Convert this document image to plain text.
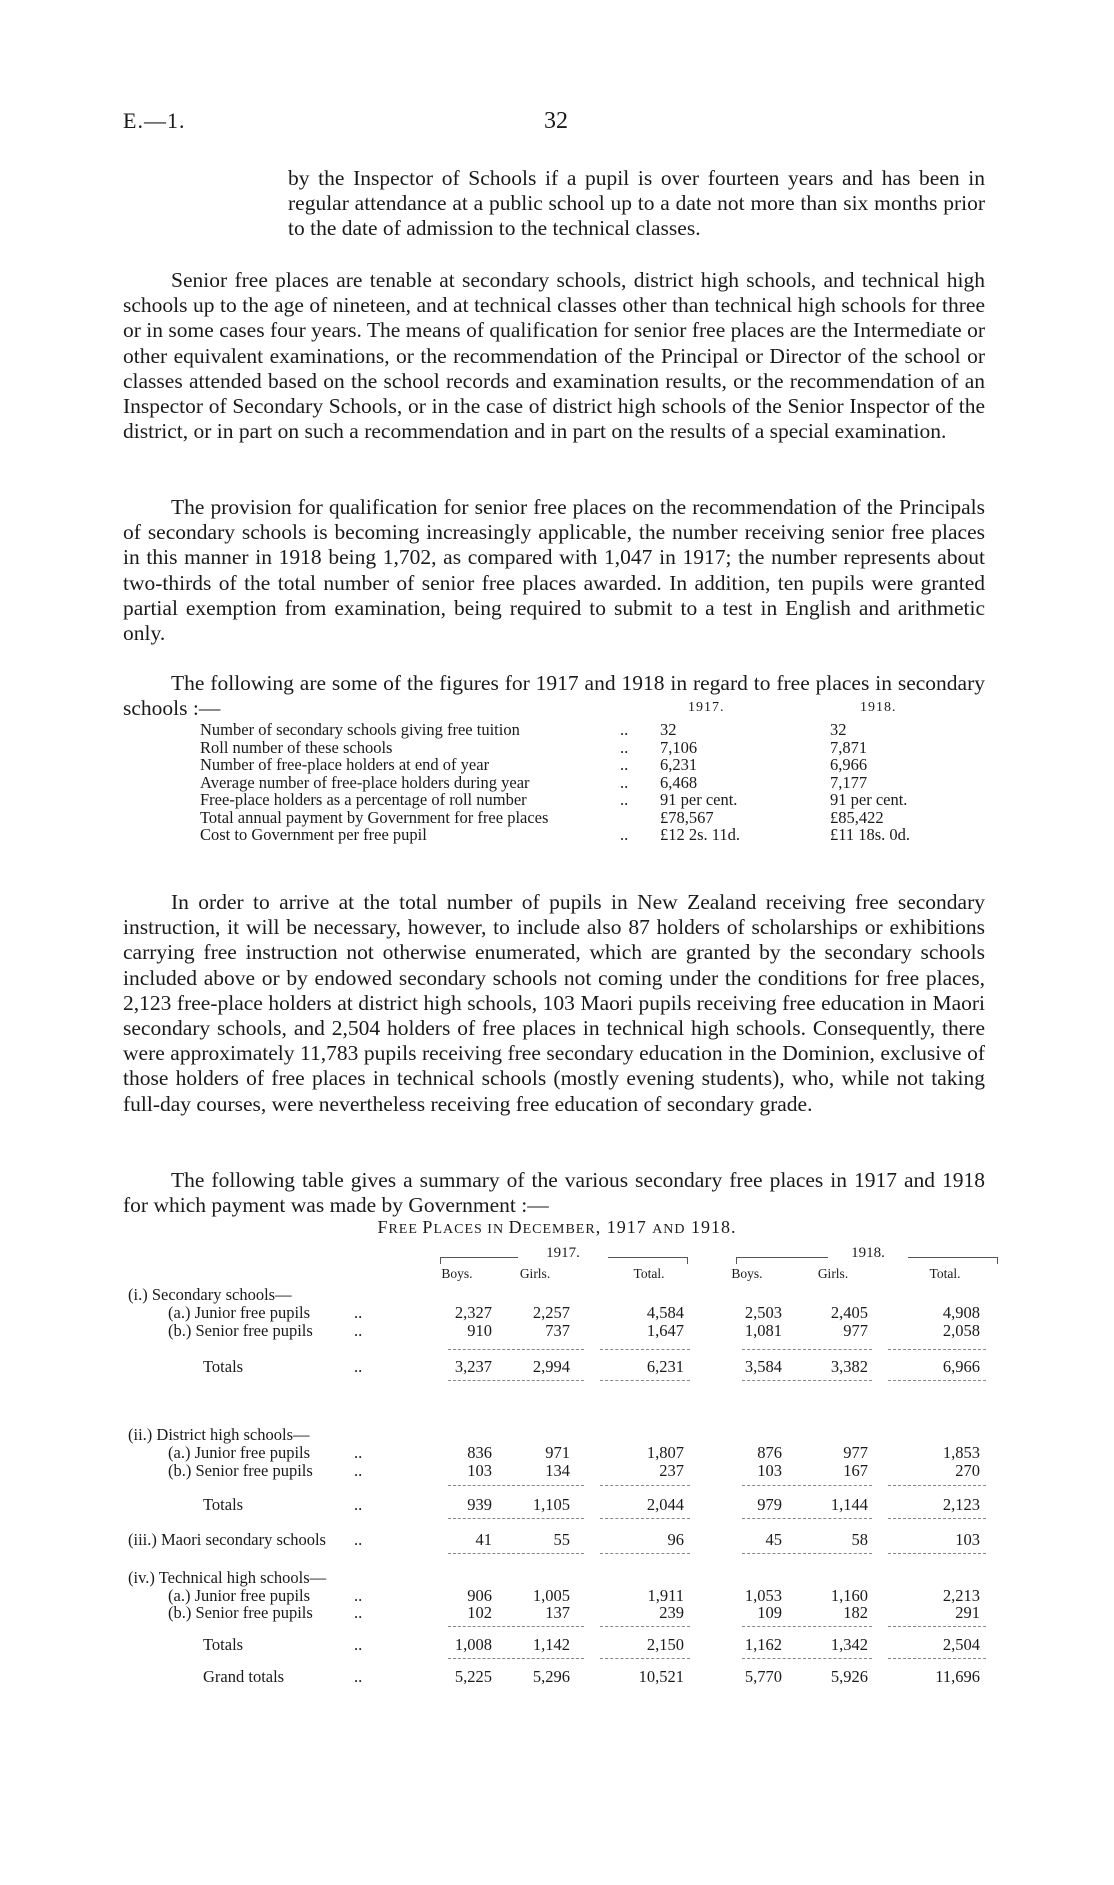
E.—1.	32

by the Inspector of Schools if a pupil is over fourteen years and has been in regular attendance at a public school up to a date not more than six months prior to the date of admission to the technical classes.

Senior free places are tenable at secondary schools, district high schools, and technical high schools up to the age of nineteen, and at technical classes other than technical high schools for three or in some cases four years. The means of qualification for senior free places are the Intermediate or other equivalent examinations, or the recommendation of the Principal or Director of the school or classes attended based on the school records and examination results, or the recommendation of an Inspector of Secondary Schools, or in the case of district high schools of the Senior Inspector of the district, or in part on such a recommendation and in part on the results of a special examination.

The provision for qualification for senior free places on the recommendation of the Principals of secondary schools is becoming increasingly applicable, the number receiving senior free places in this manner in 1918 being 1,702, as compared with 1,047 in 1917; the number represents about two-thirds of the total number of senior free places awarded. In addition, ten pupils were granted partial exemption from examination, being required to submit to a test in English and arithmetic only.

The following are some of the figures for 1917 and 1918 in regard to free places in secondary schools :—	1917.	1918.
Number of secondary schools giving free tuition	.. 32	32
Roll number of these schools	.. 7,106	7,871
Number of free-place holders at end of year	.. 6,231	6,966
Average number of free-place holders during year	.. 6,468	7,177
Free-place holders as a percentage of roll number	.. 91 per cent.	91 per cent.
Total annual payment by Government for free places	£78,567	£85,422
Cost to Government per free pupil	.. £12 2s. 11d.	£11 18s. 0d.

In order to arrive at the total number of pupils in New Zealand receiving free secondary instruction, it will be necessary, however, to include also 87 holders of scholarships or exhibitions carrying free instruction not otherwise enumerated, which are granted by the secondary schools included above or by endowed secondary schools not coming under the conditions for free places, 2,123 free-place holders at district high schools, 103 Maori pupils receiving free education in Maori secondary schools, and 2,504 holders of free places in technical high schools. Consequently, there were approximately 11,783 pupils receiving free secondary education in the Dominion, exclusive of those holders of free places in technical schools (mostly evening students), who, while not taking full-day courses, were nevertheless receiving free education of secondary grade.

The following table gives a summary of the various secondary free places in 1917 and 1918 for which payment was made by Government :—

FREE PLACES IN DECEMBER, 1917 AND 1918.
1917.	1918.
Boys.	Girls.	Total.	Boys.	Girls.	Total.
(i.) Secondary schools—
(a.) Junior free pupils	..	2,327	2,257	4,584	2,503	2,405	4,908
(b.) Senior free pupils ..	910	737	1,647	1,081	977	2,058
Totals	..	3,237	2,994	6,231	3,584	3,382	6,966
(ii.) District high schools—
(a.) Junior free pupils	..	836	971	1,807	876	977	1,853
(b.) Senior free pupils ..	103	134	237	103	167	270
Totals	..	939	1,105	2,044	979	1,144	2,123
(iii.) Maori secondary schools ..	41	55	96	45	58	103
(iv.) Technical high schools—
(a.) Junior free pupils	..	906	1,005	1,911	1,053	1,160	2,213
(b.) Senior free pupils ..	102	137	239	109	182	291
Totals	..	1,008	1,142	2,150	1,162	1,342	2,504
Grand totals	..	5,225	5,296	10,521	5,770	5,926	11,696
